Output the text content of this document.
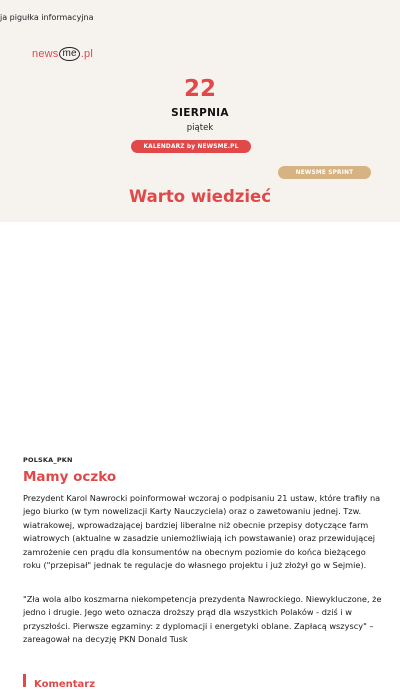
ja pigułka informacyjna
news me .pl
22
SIERPNIA
piątek
KALENDARZ by NEWSME.PL
NEWSME SPRINT
Warto wiedzieć
POLSKA_PKN
Mamy oczko

Prezydent Karol Nawrocki poinformował wczoraj o podpisaniu 21 ustaw, które trafiły na jego biurko (w tym nowelizacji Karty Nauczyciela) oraz o zawetowaniu jednej. Tzw. wiatrakowej, wprowadzającej bardziej liberalne niż obecnie przepisy dotyczące farm wiatrowych (aktualne w zasadzie uniemożliwiają ich powstawanie) oraz przewidującej zamrożenie cen prądu dla konsumentów na obecnym poziomie do końca bieżącego roku ("przepisał" jednak te regulacje do własnego projektu i już złożył go w Sejmie).

"Zła wola albo koszmarna niekompetencja prezydenta Nawrockiego. Niewykluczone, że jedno i drugie. Jego weto oznacza droższy prąd dla wszystkich Polaków - dziś i w przyszłości. Pierwsze egzaminy: z dyplomacji i energetyki oblane. Zapłacą wszyscy" – zareagował na decyzję PKN Donald Tusk

Komentarz
